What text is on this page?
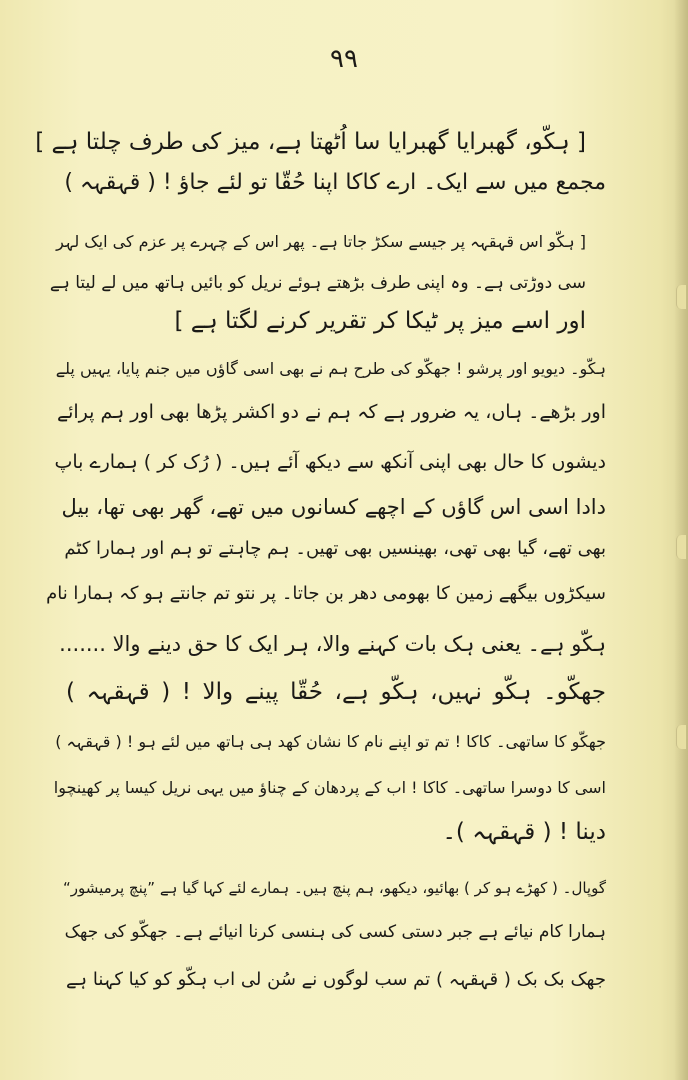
۹۹
[ ہکّو، گھبرایا گھبرایا سا اُٹھتا ہے، میز کی طرف چلتا ہے ]
مجمع میں سے ایک۔ ارے کاکا اپنا حُقّا تو لئے جاؤ ! ( قہقہہ )
[ ہکّو اس قہقہہ پر جیسے سکڑ جاتا ہے۔ پھر اس کے چہرے پر عزم کی ایک لہر
سی دوڑتی ہے۔ وہ اپنی طرف بڑھتے ہوئے نریل کو بائیں ہاتھ میں لے لیتا ہے
اور اسے میز پر ٹیکا کر تقریر کرنے لگتا ہے ]
ہکّو۔ دیویو اور پرشو ! جھکّو کی طرح ہم نے بھی اسی گاؤں میں جنم پایا، یہیں پلے
اور بڑھے۔ ہاں، یہ ضرور ہے کہ ہم نے دو اکشر پڑھا بھی اور ہم پرائے
دیشوں کا حال بھی اپنی آنکھ سے دیکھ آئے ہیں۔ ( رُک کر ) ہمارے باپ
دادا اسی اس گاؤں کے اچھے کسانوں میں تھے، گھر بھی تھا، بیل
بھی تھے، گیا بھی تھی، بھینسیں بھی تھیں۔ ہم چاہتے تو ہم اور ہمارا کٹم
سیکڑوں بیگھے زمین کا بھومی دھر بن جاتا۔ پر نتو تم جانتے ہو کہ ہمارا نام
ہکّو ہے۔ یعنی ہک بات کہنے والا، ہر ایک کا حق دینے والا .......
جھکّو۔ ہکّو نہیں، ہکّو ہے، حُقّا پینے والا ! ( قہقہہ )
جھکّو کا ساتھی۔ کاکا ! تم تو اپنے نام کا نشان کھد ہی ہاتھ میں لئے ہو ! ( قہقہہ )
اسی کا دوسرا ساتھی۔ کاکا ! اب کے پردھان کے چناؤ میں یہی نریل کیسا پر کھینچوا
دینا ! ( قہقہہ )۔
گوپال۔ ( کھڑے ہو کر ) بھائیو، دیکھو، ہم پنچ ہیں۔ ہمارے لئے کہا گیا ہے ”پنچ پرمیشور“
ہمارا کام نیائے ہے جبر دستی کسی کی ہنسی کرنا انیائے ہے۔ جھکّو کی جھک
جھک بک بک ( قہقہہ ) تم سب لوگوں نے سُن لی اب ہکّو کو کیا کہنا ہے
